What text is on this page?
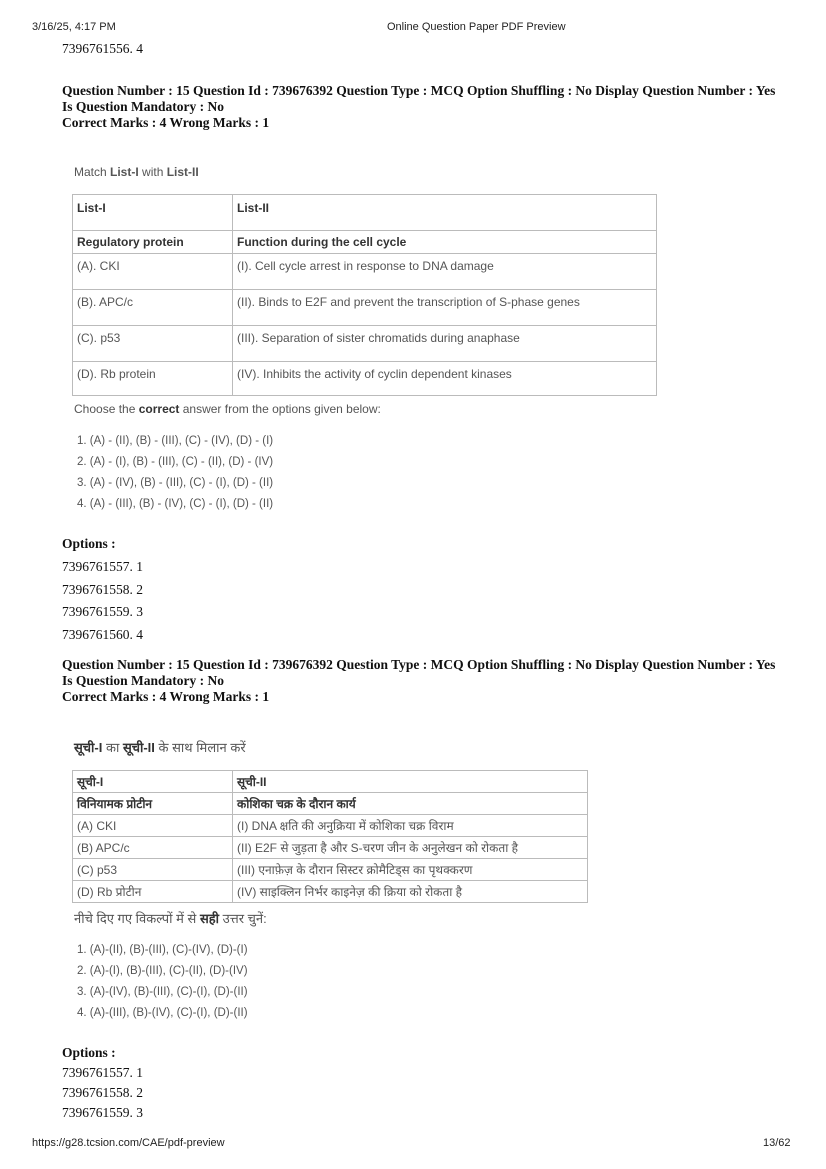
3/16/25, 4:17 PM	Online Question Paper PDF Preview
7396761556. 4
Question Number : 15 Question Id : 739676392 Question Type : MCQ Option Shuffling : No Display Question Number : Yes
Is Question Mandatory : No
Correct Marks : 4 Wrong Marks : 1
Match List-I with List-II
List-I	List-II
Regulatory protein	Function during the cell cycle
(A). CKI	(I). Cell cycle arrest in response to DNA damage
(B). APC/c	(II). Binds to E2F and prevent the transcription of S-phase genes
(C). p53	(III). Separation of sister chromatids during anaphase
(D). Rb protein	(IV). Inhibits the activity of cyclin dependent kinases
Choose the correct answer from the options given below:
1. (A) - (II), (B) - (III), (C) - (IV), (D) - (I)
2. (A) - (I), (B) - (III), (C) - (II), (D) - (IV)
3. (A) - (IV), (B) - (III), (C) - (I), (D) - (II)
4. (A) - (III), (B) - (IV), (C) - (I), (D) - (II)
Options :
7396761557. 1
7396761558. 2
7396761559. 3
7396761560. 4
Question Number : 15 Question Id : 739676392 Question Type : MCQ Option Shuffling : No Display Question Number : Yes
Is Question Mandatory : No
Correct Marks : 4 Wrong Marks : 1
सूची-I का सूची-II के साथ मिलान करें
सूची-I	सूची-II
विनियामक प्रोटीन	कोशिका चक्र के दौरान कार्य
(A) CKI	(I) DNA क्षति की अनुक्रिया में कोशिका चक्र विराम
(B) APC/c	(II) E2F से जुड़ता है और S-चरण जीन के अनुलेखन को रोकता है
(C) p53	(III) एनाफ़ेज़ के दौरान सिस्टर क्रोमैटिड्स का पृथक्करण
(D) Rb प्रोटीन	(IV) साइक्लिन निर्भर काइनेज़ की क्रिया को रोकता है
नीचे दिए गए विकल्पों में से सही उत्तर चुनें:
1. (A)-(II), (B)-(III), (C)-(IV), (D)-(I)
2. (A)-(I), (B)-(III), (C)-(II), (D)-(IV)
3. (A)-(IV), (B)-(III), (C)-(I), (D)-(II)
4. (A)-(III), (B)-(IV), (C)-(I), (D)-(II)
Options :
7396761557. 1
7396761558. 2
7396761559. 3
https://g28.tcsion.com/CAE/pdf-preview	13/62
